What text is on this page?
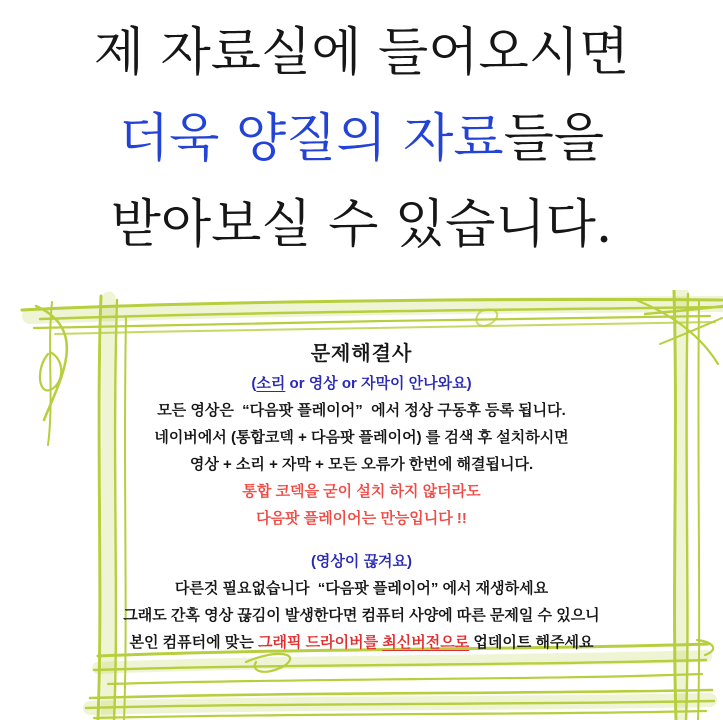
제 자료실에 들어오시면
더욱 양질의 자료들을
받아보실 수 있습니다.
문제해결사
(소리 or 영상 or 자막이 안나와요)
모든 영상은  “다음팟 플레이어”  에서 정상 구동후 등록 됩니다.
네이버에서 (통합코덱 + 다음팟 플레이어) 를 검색 후 설치하시면
영상 + 소리 + 자막 + 모든 오류가 한번에 해결됩니다.
통합 코덱을 굳이 설치 하지 않더라도
다음팟 플레이어는 만능입니다 !!
(영상이 끊겨요)
다른것 필요없습니다  “다음팟 플레이어” 에서 재생하세요
그래도 간혹 영상 끊김이 발생한다면 컴퓨터 사양에 따른 문제일 수 있으니
본인 컴퓨터에 맞는 그래픽 드라이버를 최신버전으로 업데이트 해주세요
